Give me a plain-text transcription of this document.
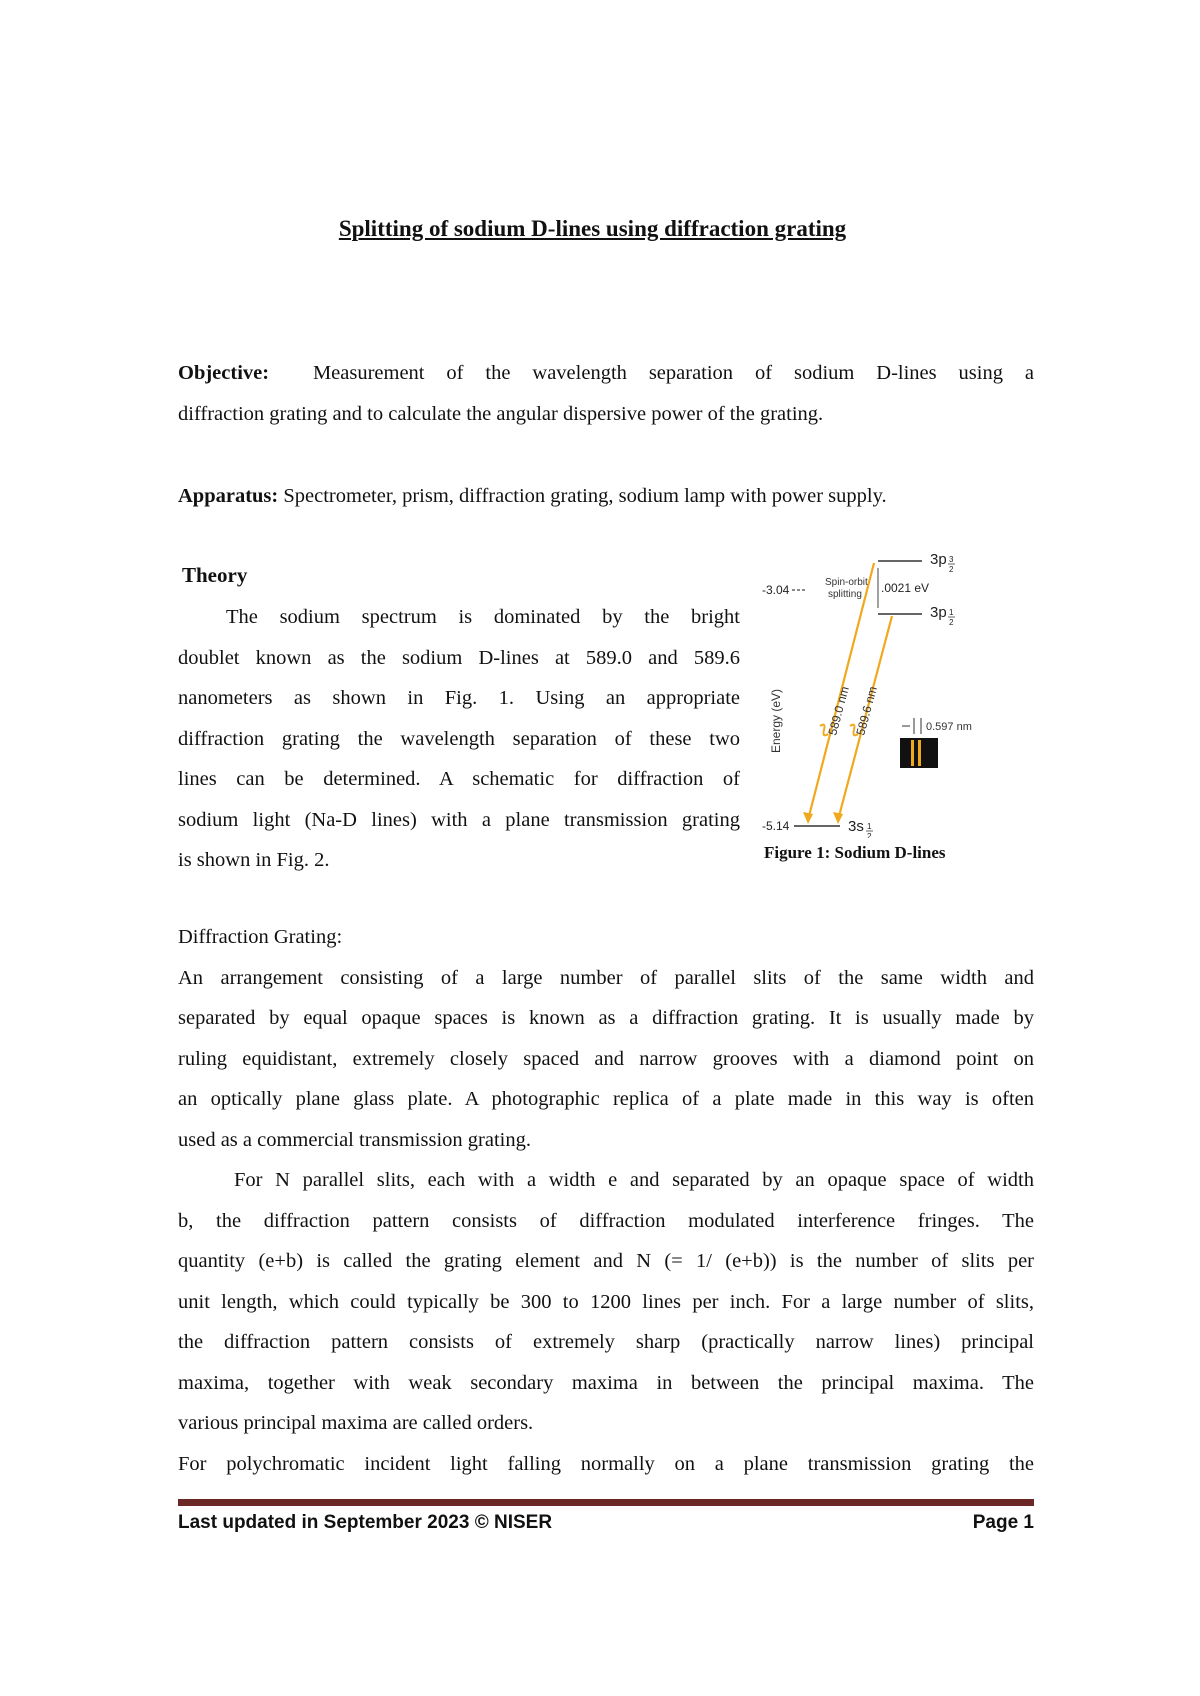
Splitting of sodium D-lines using diffraction grating
Objective: Measurement of the wavelength separation of sodium D-lines using a
diffraction grating and to calculate the angular dispersive power of the grating.
Apparatus: Spectrometer, prism, diffraction grating, sodium lamp with power supply.
Theory
The sodium spectrum is dominated by the bright
doublet known as the sodium D-lines at 589.0 and 589.6
nanometers as shown in Fig. 1. Using an appropriate
diffraction grating the wavelength separation of these two
lines can be determined. A schematic for diffraction of
sodium light (Na-D lines) with a plane transmission grating
is shown in Fig. 2.
3p 3
2
3p 1
2
3s 1
2
-3.04
-5.14
Spin-orbit
splitting .0021 eV
Energy (eV)	589.0 nm 589.6 nm	0.597 nm
Figure 1: Sodium D-lines
Diffraction Grating:
An arrangement consisting of a large number of parallel slits of the same width and
separated by equal opaque spaces is known as a diffraction grating. It is usually made by
ruling equidistant, extremely closely spaced and narrow grooves with a diamond point on
an optically plane glass plate. A photographic replica of a plate made in this way is often
used as a commercial transmission grating.
For N parallel slits, each with a width e and separated by an opaque space of width
b, the diffraction pattern consists of diffraction modulated interference fringes. The
quantity (e+b) is called the grating element and N (= 1/ (e+b)) is the number of slits per
unit length, which could typically be 300 to 1200 lines per inch. For a large number of slits,
the diffraction pattern consists of extremely sharp (practically narrow lines) principal
maxima, together with weak secondary maxima in between the principal maxima. The
various principal maxima are called orders.
For polychromatic incident light falling normally on a plane transmission grating the
Last updated in September 2023 © NISER	Page 1
